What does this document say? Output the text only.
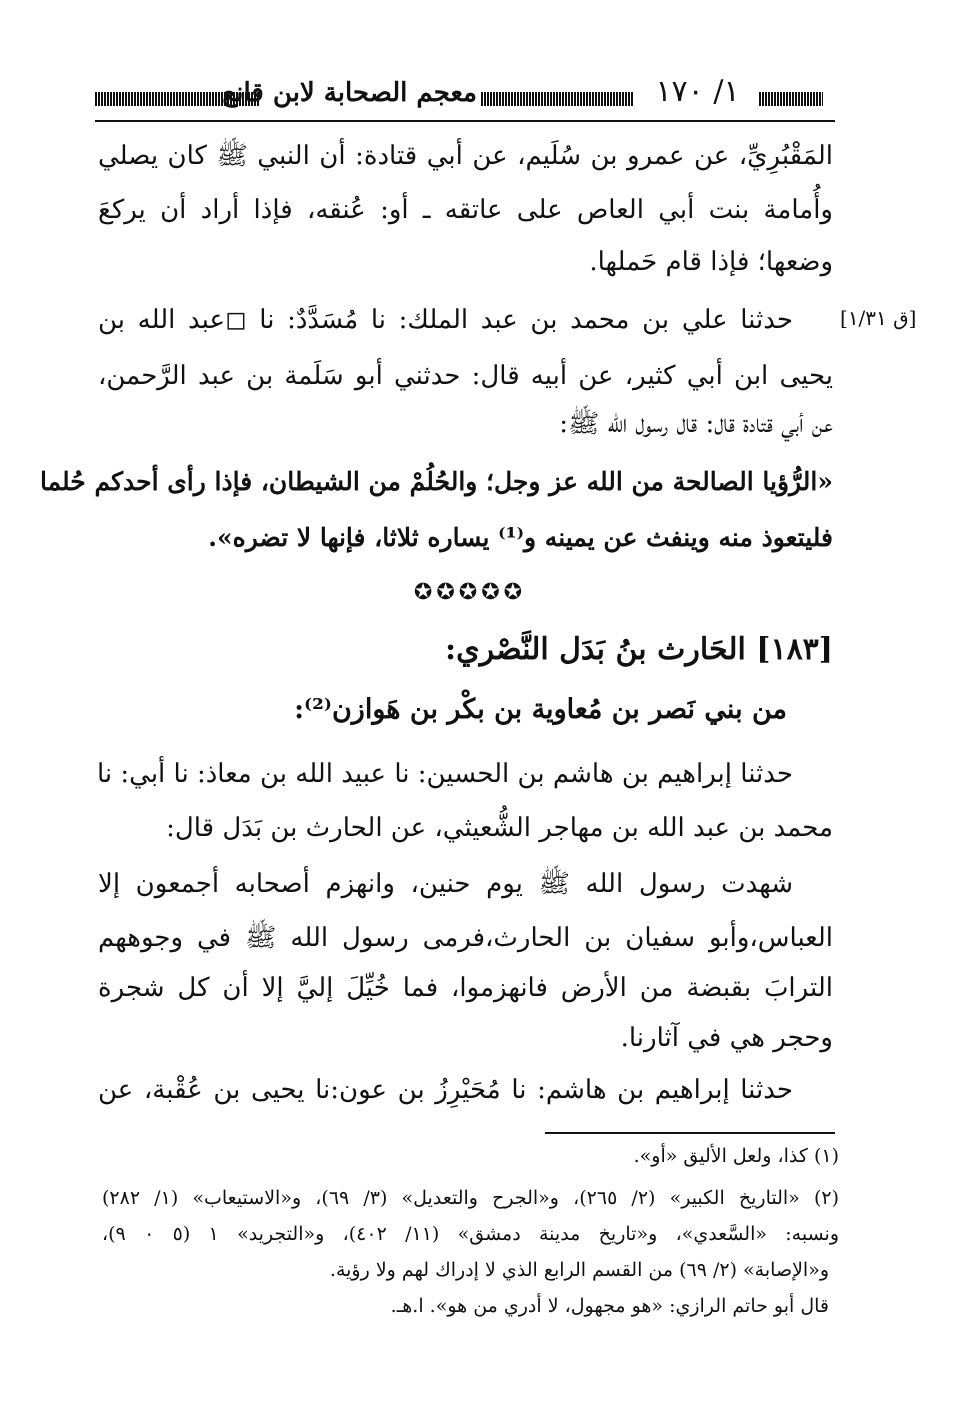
معجم الصحابة لابن قانع	١/ ١٧٠
المَقْبُرِيِّ، عن عمرو بن سُلَيم، عن أبي قتادة: أن النبي ﷺ كان يصلي
وأُمامة بنت أبي العاص على عاتقه ـ أو: عُنقه، فإذا أراد أن يركعَ
وضعها؛ فإذا قام حَملها.
[ق ١/٣١]
حدثنا علي بن محمد بن عبد الملك: نا مُسَدَّدٌ: نا ◻عبد الله بن
يحيى ابن أبي كثير، عن أبيه قال: حدثني أبو سَلَمة بن عبد الرَّحمن،
عن أبي قتادة قال: قال رسول الله ﷺ:
«الرُّؤيا الصالحة من الله عز وجل؛ والحُلُمْ من الشيطان، فإذا رأى أحدكم حُلما
فليتعوذ منه وينفث عن يمينه و⁽¹⁾ يساره ثلاثا، فإنها لا تضره».
✪✪✪✪✪
[١٨٣] الحَارث بنُ بَدَل النَّصْري:
من بني نَصر بن مُعاوية بن بكْر بن هَوازن⁽²⁾:
حدثنا إبراهيم بن هاشم بن الحسين: نا عبيد الله بن معاذ: نا أبي: نا
محمد بن عبد الله بن مهاجر الشُّعيثي، عن الحارث بن بَدَل قال:
شهدت رسول الله ﷺ يوم حنين، وانهزم أصحابه أجمعون إلا
العباس،وأبو سفيان بن الحارث،فرمى رسول الله ﷺ في وجوههم
الترابَ بقبضة من الأرض فانهزموا، فما خُيِّلَ إليَّ إلا أن كل شجرة
وحجر هي في آثارنا.
حدثنا إبراهيم بن هاشم: نا مُحَيْرِزُ بن عون:نا يحيى بن عُقْبة، عن
(١) كذا، ولعل الأليق «أو».
(٢) «التاريخ الكبير» (٢/ ٢٦٥)، و«الجرح والتعديل» (٣/ ٦٩)، و«الاستيعاب» (١/ ٢٨٢)
ونسبه: «السَّعدي»، و«تاريخ مدينة دمشق» (١١/ ٤٠٢)، و«التجريد» ١ (٥ ٠ ٩)،
و«الإصابة» (٢/ ٦٩) من القسم الرابع الذي لا إدراك لهم ولا رؤية.
قال أبو حاتم الرازي: «هو مجهول، لا أدري من هو». ا.هـ.
